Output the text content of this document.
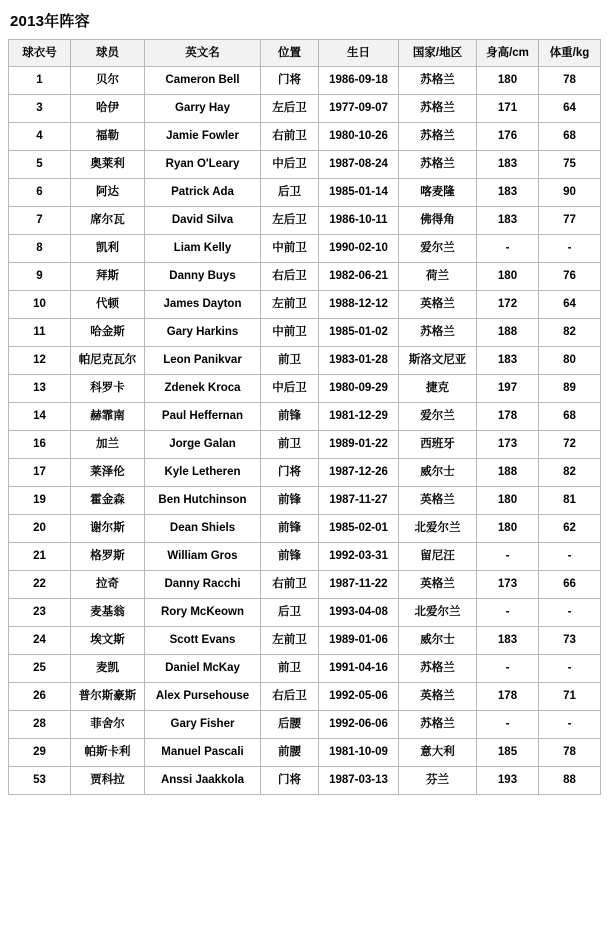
2013年阵容
球衣号	球员	英文名	位置	生日	国家/地区	身高/cm	体重/kg
1	贝尔	Cameron Bell	门将	1986-09-18	苏格兰	180	78
3	哈伊	Garry Hay	左后卫	1977-09-07	苏格兰	171	64
4	福勒	Jamie Fowler	右前卫	1980-10-26	苏格兰	176	68
5	奥莱利	Ryan O'Leary	中后卫	1987-08-24	苏格兰	183	75
6	阿达	Patrick Ada	后卫	1985-01-14	喀麦隆	183	90
7	席尔瓦	David Silva	左后卫	1986-10-11	佛得角	183	77
8	凯利	Liam Kelly	中前卫	1990-02-10	爱尔兰	-	-
9	拜斯	Danny Buys	右后卫	1982-06-21	荷兰	180	76
10	代顿	James Dayton	左前卫	1988-12-12	英格兰	172	64
11	哈金斯	Gary Harkins	中前卫	1985-01-02	苏格兰	188	82
12	帕尼克瓦尔	Leon Panikvar	前卫	1983-01-28	斯洛文尼亚	183	80
13	科罗卡	Zdenek Kroca	中后卫	1980-09-29	捷克	197	89
14	赫霏南	Paul Heffernan	前锋	1981-12-29	爱尔兰	178	68
16	加兰	Jorge Galan	前卫	1989-01-22	西班牙	173	72
17	莱泽伦	Kyle Letheren	门将	1987-12-26	威尔士	188	82
19	霍金森	Ben Hutchinson	前锋	1987-11-27	英格兰	180	81
20	谢尔斯	Dean Shiels	前锋	1985-02-01	北爱尔兰	180	62
21	格罗斯	William Gros	前锋	1992-03-31	留尼汪	-	-
22	拉奇	Danny Racchi	右前卫	1987-11-22	英格兰	173	66
23	麦基翁	Rory McKeown	后卫	1993-04-08	北爱尔兰	-	-
24	埃文斯	Scott Evans	左前卫	1989-01-06	威尔士	183	73
25	麦凯	Daniel McKay	前卫	1991-04-16	苏格兰	-	-
26	普尔斯豪斯	Alex Pursehouse	右后卫	1992-05-06	英格兰	178	71
28	菲舍尔	Gary Fisher	后腰	1992-06-06	苏格兰	-	-
29	帕斯卡利	Manuel Pascali	前腰	1981-10-09	意大利	185	78
53	贾科拉	Anssi Jaakkola	门将	1987-03-13	芬兰	193	88
